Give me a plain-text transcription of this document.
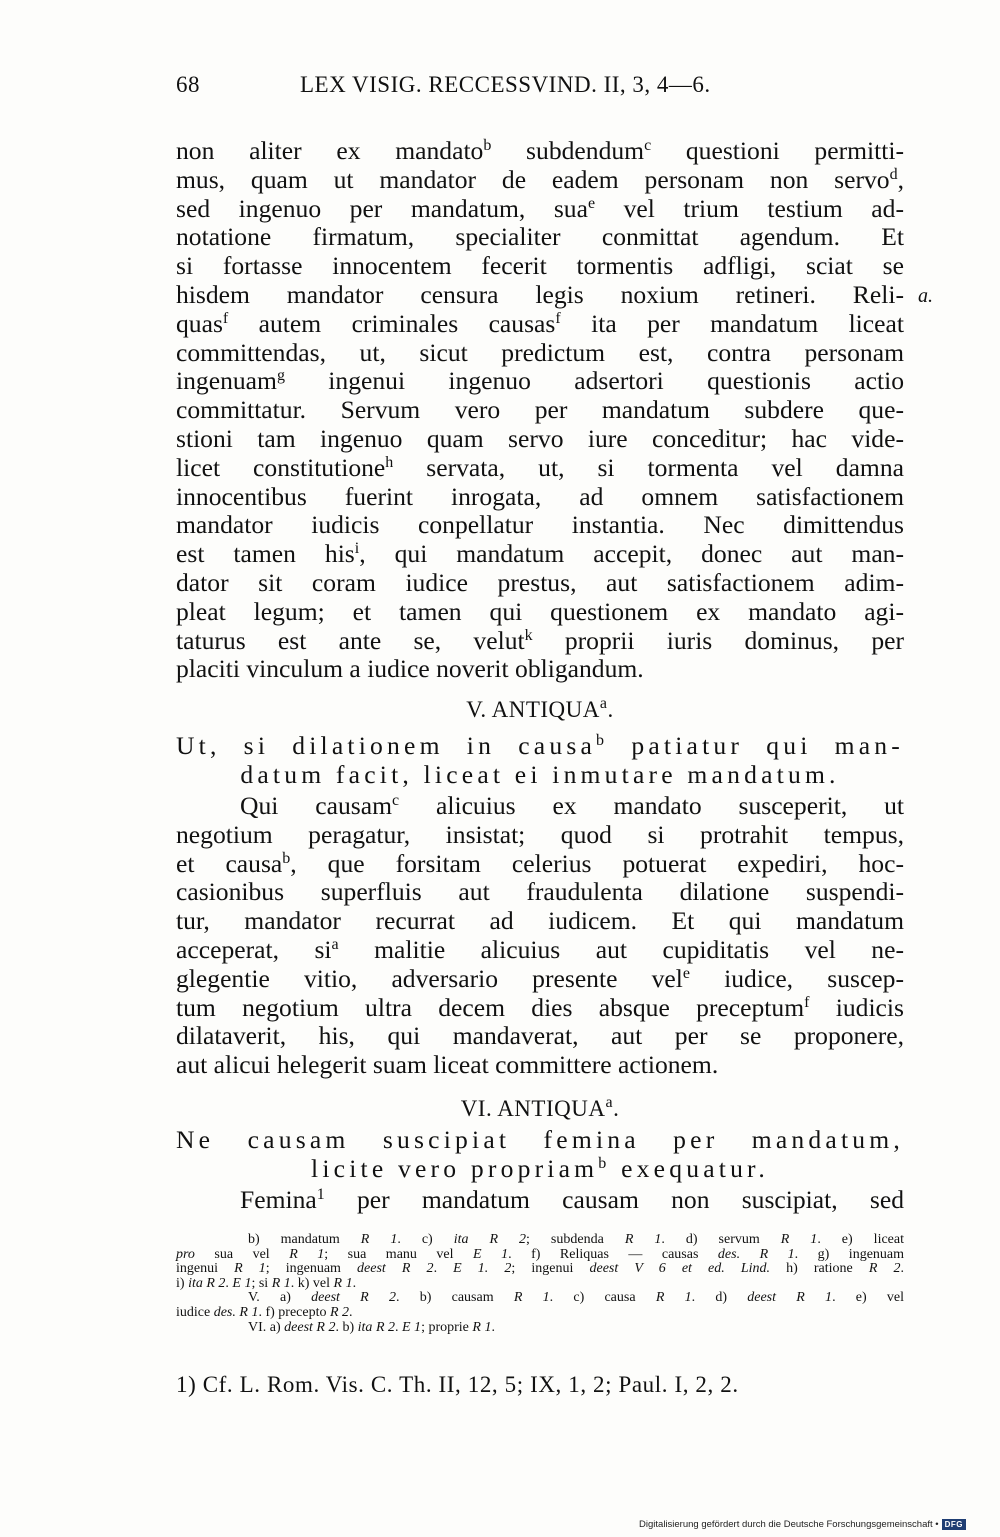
68	LEX VISIG. RECCESSVIND. II, 3, 4—6.
a.
non aliter ex mandato$^b$ subdendum$^c$ questioni permitti-
mus, quam ut mandator de eadem personam non servo$^d$,
sed ingenuo per mandatum, sua$^e$ vel trium testium ad-
notatione firmatum, specialiter conmittat agendum. Et
si fortasse innocentem fecerit tormentis adfligi, sciat se
hisdem mandator censura legis noxium retineri. Reli-
quas$^f$ autem criminales causas$^f$ ita per mandatum liceat
committendas, ut, sicut predictum est, contra personam
ingenuam$^g$ ingenui ingenuo adsertori questionis actio
committatur. Servum vero per mandatum subdere que-
stioni tam ingenuo quam servo iure conceditur; hac vide-
licet constitutione$^h$ servata, ut, si tormenta vel damna
innocentibus fuerint inrogata, ad omnem satisfactionem
mandator iudicis conpellatur instantia. Nec dimittendus
est tamen his$^i$, qui mandatum accepit, donec aut man-
dator sit coram iudice prestus, aut satisfactionem adim-
pleat legum; et tamen qui questionem ex mandato agi-
taturus est ante se, velut$^k$ proprii iuris dominus, per
placiti vinculum a iudice noverit obligandum.
V. ANTIQUA$^a$.
Ut, si dilationem in causa$^b$ patiatur qui man-
datum facit, liceat ei inmutare mandatum.
Qui causam$^c$ alicuius ex mandato susceperit, ut
negotium peragatur, insistat; quod si protrahit tempus,
et causa$^b$, que forsitam celerius potuerat expediri, hoc-
casionibus superfluis aut fraudulenta dilatione suspendi-
tur, mandator recurrat ad iudicem. Et qui mandatum
acceperat, $si^a$ malitie alicuius aut cupiditatis vel ne-
glegentie vitio, adversario presente vel$^e$ iudice, suscep-
tum negotium ultra decem dies absque preceptum$^f$ iudicis
dilataverit, his, qui mandaverat, aut per se proponere,
aut alicui helegerit suam liceat committere actionem.
VI. ANTIQUA$^a$.
Ne causam suscipiat femina per mandatum,
licite vero propriam$^b$ exequatur.
Femina$^1$ per mandatum causam non suscipiat, sed
b) mandatum R 1. c) ita R 2; subdenda R 1. d) servum R 1. e) liceat
pro sua vel R 1; sua manu vel E 1. f) Reliquas — causas des. R 1. g) ingenuam
ingenui R 1; ingenuam deest R 2. E 1. 2; ingenui deest V 6 et ed. Lind. h) ratione R 2.
i) ita R 2. E 1; si R 1. k) vel R 1.
V. a) deest R 2. b) causam R 1. c) causa R 1. d) deest R 1. e) vel
iudice des. R 1. f) precepto R 2.
VI. a) deest R 2. b) ita R 2. E 1; proprie R 1.
1) Cf. L. Rom. Vis. C. Th. II, 12, 5; IX, 1, 2; Paul. I, 2, 2.
Digitalisierung gefördert durch die Deutsche Forschungsgemeinschaft • DFG
